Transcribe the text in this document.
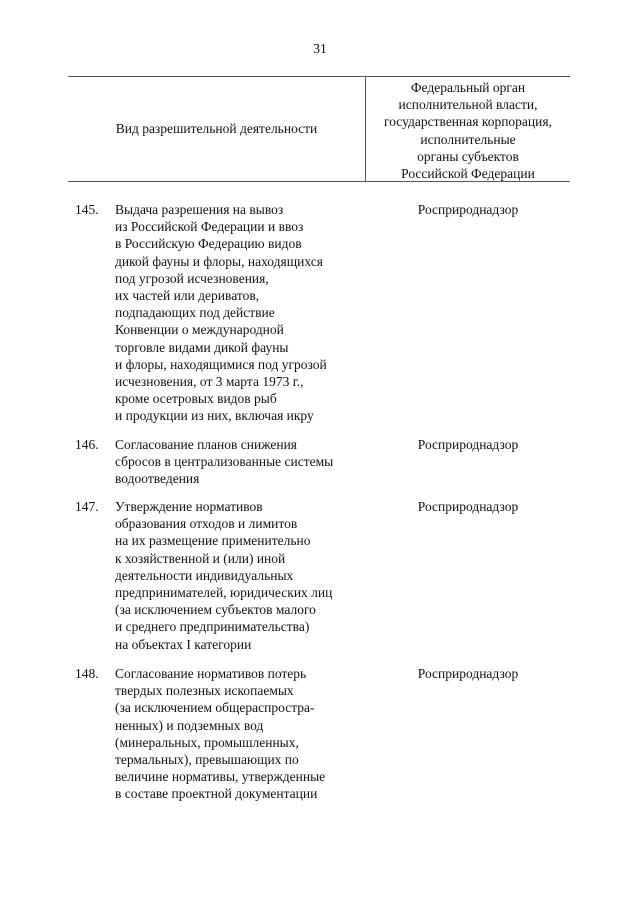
31
Вид разрешительной деятельности
Федеральный орган
исполнительной власти,
государственная корпорация,
исполнительные
органы субъектов
Российской Федерации
145.	Выдача разрешения на вывоз
из Российской Федерации и ввоз
в Российскую Федерацию видов
дикой фауны и флоры, находящихся
под угрозой исчезновения,
их частей или дериватов,
подпадающих под действие
Конвенции о международной
торговле видами дикой фауны
и флоры, находящимися под угрозой
исчезновения, от 3 марта 1973 г.,
кроме осетровых видов рыб
и продукции из них, включая икру
Росприроднадзор
146.	Согласование планов снижения
сбросов в централизованные системы
водоотведения
Росприроднадзор
147.	Утверждение нормативов
образования отходов и лимитов
на их размещение применительно
к хозяйственной и (или) иной
деятельности индивидуальных
предпринимателей, юридических лиц
(за исключением субъектов малого
и среднего предпринимательства)
на объектах I категории
Росприроднадзор
148.	Согласование нормативов потерь
твердых полезных ископаемых
(за исключением общераспростра-
ненных) и подземных вод
(минеральных, промышленных,
термальных), превышающих по
величине нормативы, утвержденные
в составе проектной документации
Росприроднадзор
